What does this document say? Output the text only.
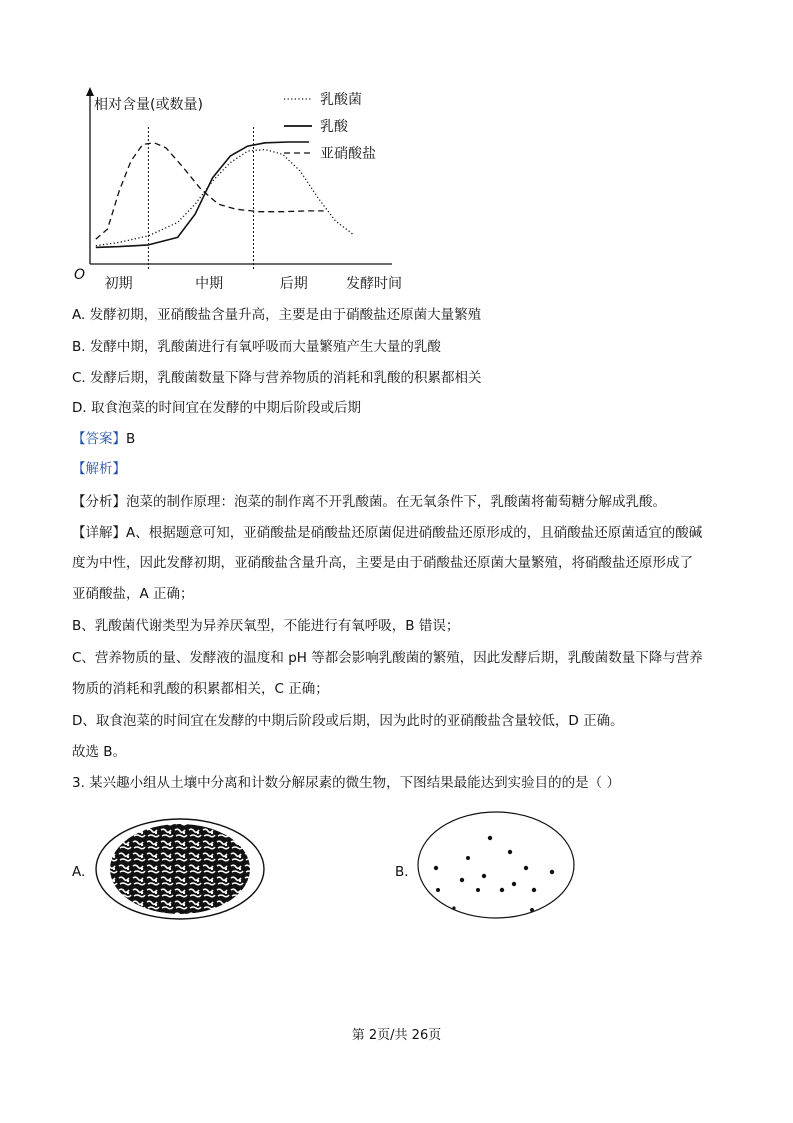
相对含量(或数量)
发酵时间
O
初期	中期	后期
乳酸菌
乳酸
亚硝酸盐
A. 发酵初期，亚硝酸盐含量升高，主要是由于硝酸盐还原菌大量繁殖
B. 发酵中期，乳酸菌进行有氧呼吸而大量繁殖产生大量的乳酸
C. 发酵后期，乳酸菌数量下降与营养物质的消耗和乳酸的积累都相关
D. 取食泡菜的时间宜在发酵的中期后阶段或后期
【答案】B
【解析】
【分析】泡菜的制作原理：泡菜的制作离不开乳酸菌。在无氧条件下，乳酸菌将葡萄糖分解成乳酸。
【详解】A、根据题意可知，亚硝酸盐是硝酸盐还原菌促进硝酸盐还原形成的，且硝酸盐还原菌适宜的酸碱
度为中性，因此发酵初期，亚硝酸盐含量升高，主要是由于硝酸盐还原菌大量繁殖，将硝酸盐还原形成了
亚硝酸盐，A 正确；
B、乳酸菌代谢类型为异养厌氧型，不能进行有氧呼吸，B 错误；
C、营养物质的量、发酵液的温度和 pH 等都会影响乳酸菌的繁殖，因此发酵后期，乳酸菌数量下降与营养
物质的消耗和乳酸的积累都相关，C 正确；
D、取食泡菜的时间宜在发酵的中期后阶段或后期，因为此时的亚硝酸盐含量较低，D 正确。
故选 B。
3. 某兴趣小组从土壤中分离和计数分解尿素的微生物，下图结果最能达到实验目的的是（ ）
A.	B.
第 2页/共 26页
